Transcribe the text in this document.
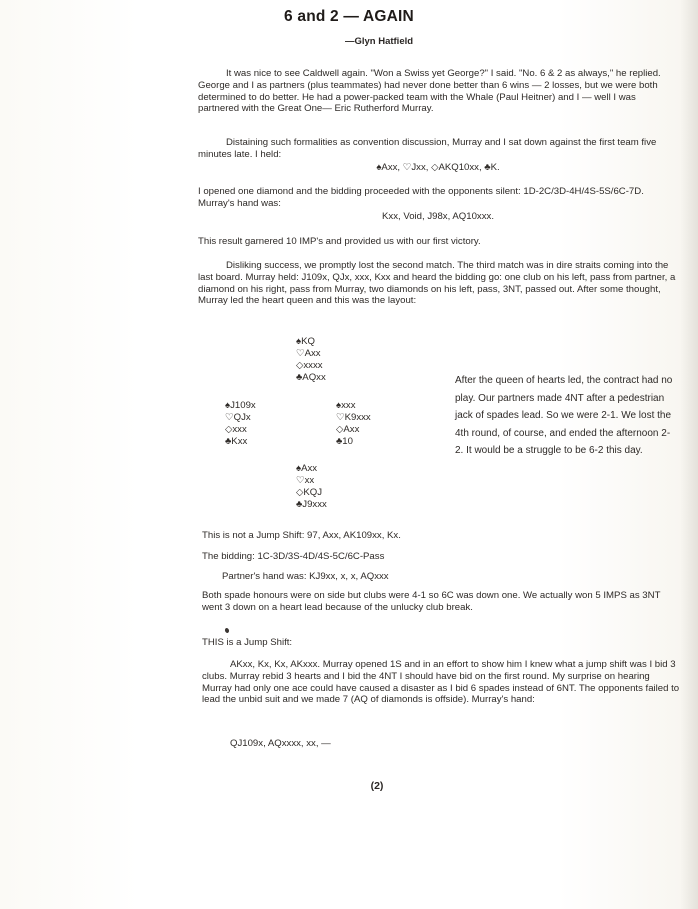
6 and 2 — AGAIN
—Glyn Hatfield
It was nice to see Caldwell again. "Won a Swiss yet George?" I said. "No. 6 & 2 as always," he replied. George and I as partners (plus teammates) had never done better than 6 wins — 2 losses, but we were both determined to do better. He had a power-packed team with the Whale (Paul Heitner) and I — well I was partnered with the Great One— Eric Rutherford Murray.
Distaining such formalities as convention discussion, Murray and I sat down against the first team five minutes late. I held:
♠Axx, ♡Jxx, ◇AKQ10xx, ♣K.
I opened one diamond and the bidding proceeded with the opponents silent: 1D-2C/3D-4H/4S-5S/6C-7D. Murray's hand was:
Kxx, Void, J98x, AQ10xxx.
This result garnered 10 IMP's and provided us with our first victory.
Disliking success, we promptly lost the second match. The third match was in dire straits coming into the last board. Murray held: J109x, QJx, xxx, Kxx and heard the bidding go: one club on his left, pass from partner, a diamond on his right, pass from Murray, two diamonds on his left, pass, 3NT, passed out. After some thought, Murray led the heart queen and this was the layout:
♠KQ
♡Axx
◇xxxx
♣AQxx
♠J109x
♡QJx
◇xxx
♣Kxx
♠xxx
♡K9xxx
◇Axx
♣10
♠Axx
♡xx
◇KQJ
♣J9xxx
After the queen of hearts led, the contract had no play. Our partners made 4NT after a pedestrian jack of spades lead. So we were 2-1. We lost the 4th round, of course, and ended the afternoon 2-2. It would be a struggle to be 6-2 this day.
This is not a Jump Shift: 97, Axx, AK109xx, Kx.
The bidding: 1C-3D/3S-4D/4S-5C/6C-Pass
Partner's hand was: KJ9xx, x, x, AQxxx
Both spade honours were on side but clubs were 4-1 so 6C was down one. We actually won 5 IMPS as 3NT went 3 down on a heart lead because of the unlucky club break.
THIS is a Jump Shift:
AKxx, Kx, Kx, AKxxx. Murray opened 1S and in an effort to show him I knew what a jump shift was I bid 3 clubs. Murray rebid 3 hearts and I bid the 4NT I should have bid on the first round. My surprise on hearing Murray had only one ace could have caused a disaster as I bid 6 spades instead of 6NT. The opponents failed to lead the unbid suit and we made 7 (AQ of diamonds is offside). Murray's hand:
QJ109x, AQxxxx, xx, —
(2)
